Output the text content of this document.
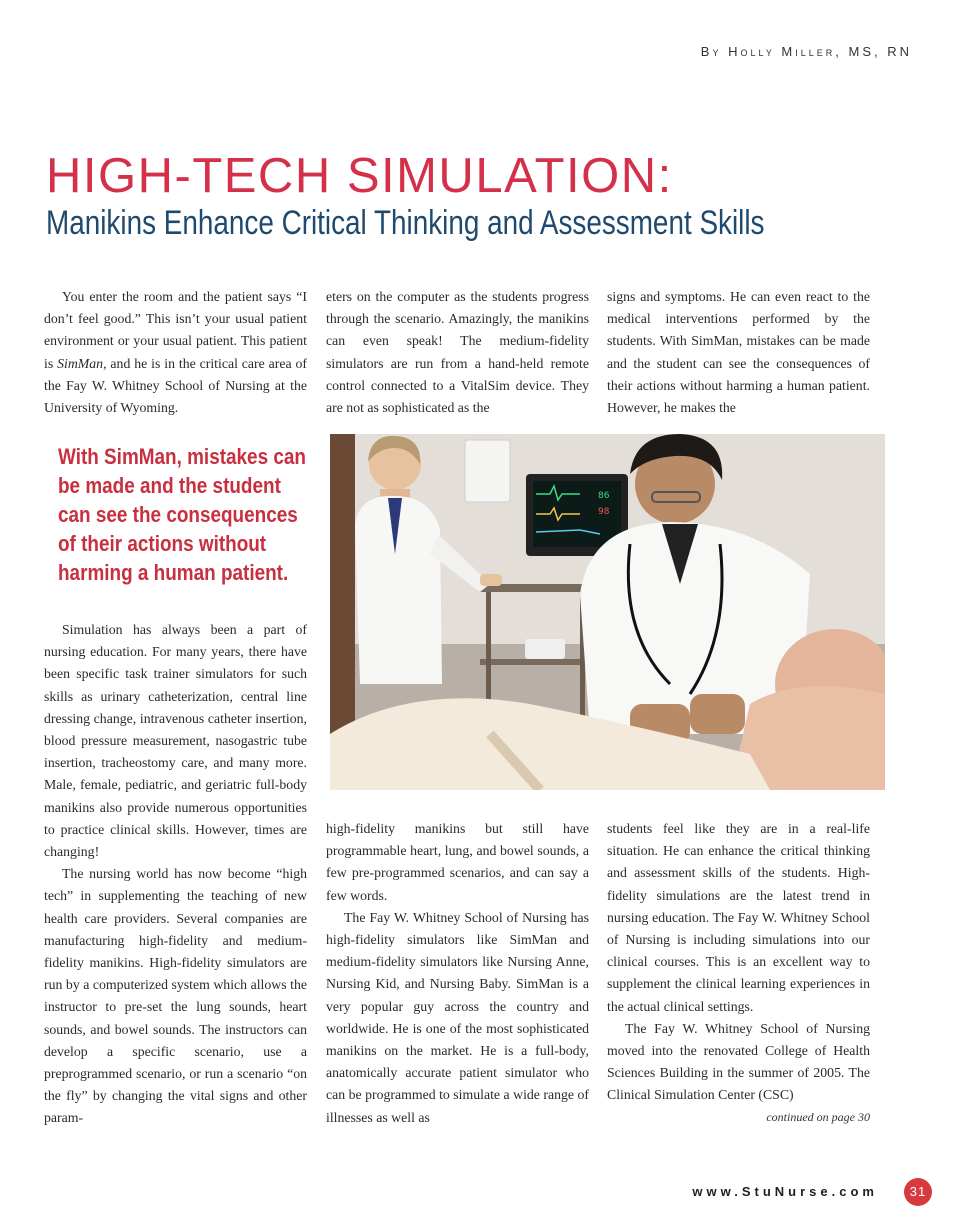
By Holly Miller, MS, RN
HIGH-TECH SIMULATION:
Manikins Enhance Critical Thinking and Assessment Skills

You enter the room and the patient says “I don’t feel good.” This isn’t your usual patient environment or your usual patient. This patient is SimMan, and he is in the critical care area of the Fay W. Whitney School of Nursing at the University of Wyoming.

eters on the computer as the students progress through the scenario. Amazingly, the manikins can even speak! The medium-fidelity simulators are run from a hand-held remote control connected to a VitalSim device. They are not as sophisticated as the

signs and symptoms. He can even react to the medical interventions performed by the students. With SimMan, mistakes can be made and the student can see the consequences of their actions without harming a human patient. However, he makes the

With SimMan, mistakes can be made and the student can see the consequences of their actions without harming a human patient.
86
98

Simulation has always been a part of nursing education. For many years, there have been specific task trainer simulators for such skills as urinary catheterization, central line dressing change, intravenous catheter insertion, blood pressure measurement, nasogastric tube insertion, tracheostomy care, and many more. Male, female, pediatric, and geriatric full-body manikins also provide numerous opportunities to practice clinical skills. However, times are changing!

The nursing world has now become “high tech” in supplementing the teaching of new health care providers. Several companies are manufacturing high-fidelity and medium-fidelity manikins. High-fidelity simulators are run by a computerized system which allows the instructor to pre-set the lung sounds, heart sounds, and bowel sounds. The instructors can develop a specific scenario, use a preprogrammed scenario, or run a scenario “on the fly” by changing the vital signs and other param-

high-fidelity manikins but still have programmable heart, lung, and bowel sounds, a few pre-programmed scenarios, and can say a few words.

The Fay W. Whitney School of Nursing has high-fidelity simulators like SimMan and medium-fidelity simulators like Nursing Anne, Nursing Kid, and Nursing Baby. SimMan is a very popular guy across the country and worldwide. He is one of the most sophisticated manikins on the market. He is a full-body, anatomically accurate patient simulator who can be programmed to simulate a wide range of illnesses as well as

students feel like they are in a real-life situation. He can enhance the critical thinking and assessment skills of the students. High-fidelity simulations are the latest trend in nursing education. The Fay W. Whitney School of Nursing is including simulations into our clinical courses. This is an excellent way to supplement the clinical learning experiences in the actual clinical settings.

The Fay W. Whitney School of Nursing moved into the renovated College of Health Sciences Building in the summer of 2005. The Clinical Simulation Center (CSC)

continued on page 30
www.StuNurse.com	31
